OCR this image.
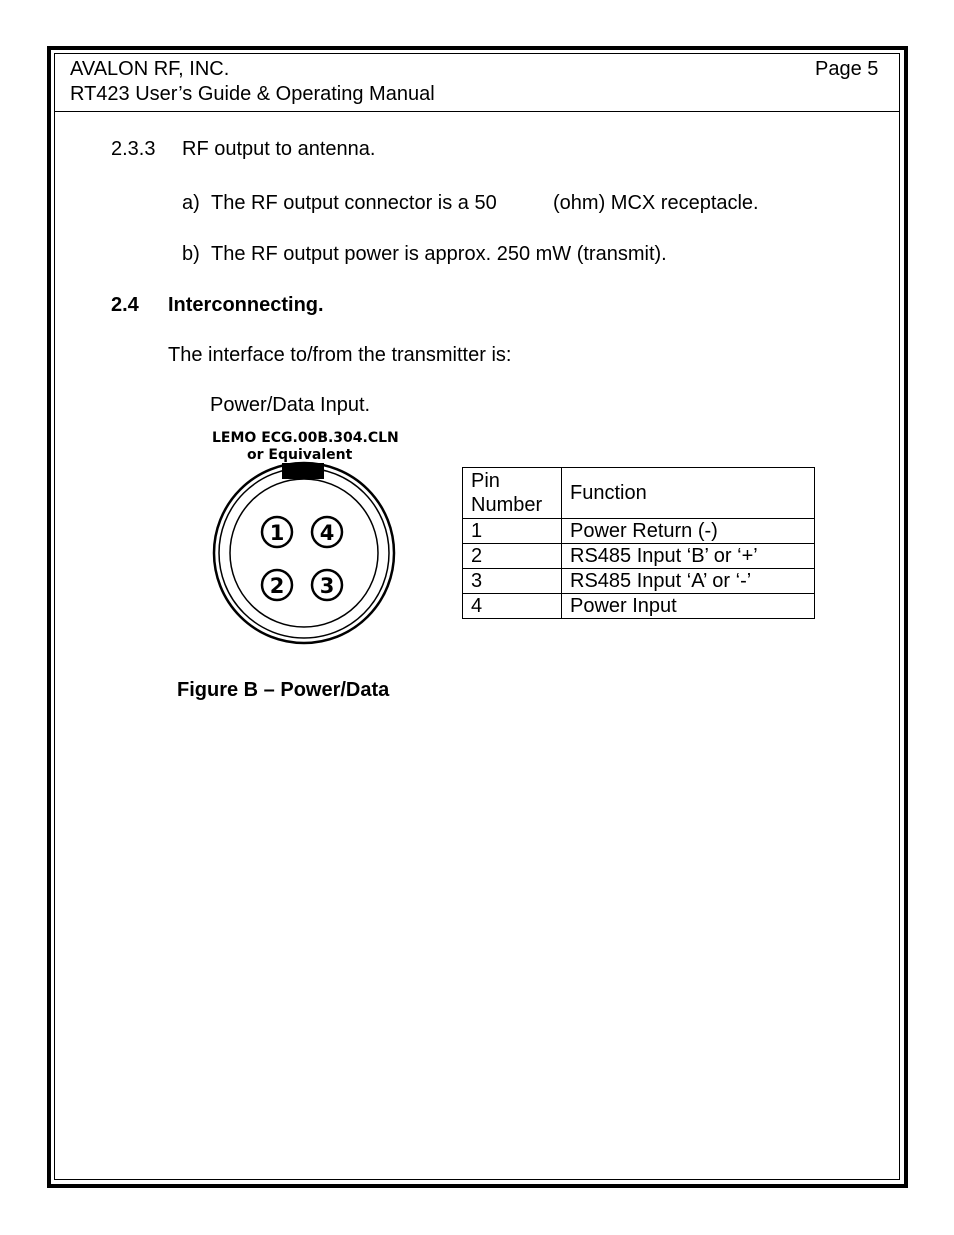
AVALON RF, INC.	Page 5
RT423 User’s Guide & Operating Manual
2.3.3 RF output to antenna.
a) The RF output connector is a 50	(ohm) MCX receptacle.
b) The RF output power is approx. 250 mW (transmit).
2.4 Interconnecting.
The interface to/from the transmitter is:
Power/Data Input.
LEMO ECG.00B.304.CLN
or Equivalent
1 4
2 3
Pin
Number	Function
1	Power Return (-)
2	RS485 Input ‘B’ or ‘+’
3	RS485 Input ‘A’ or ‘-’
4	Power Input
Figure B – Power/Data
